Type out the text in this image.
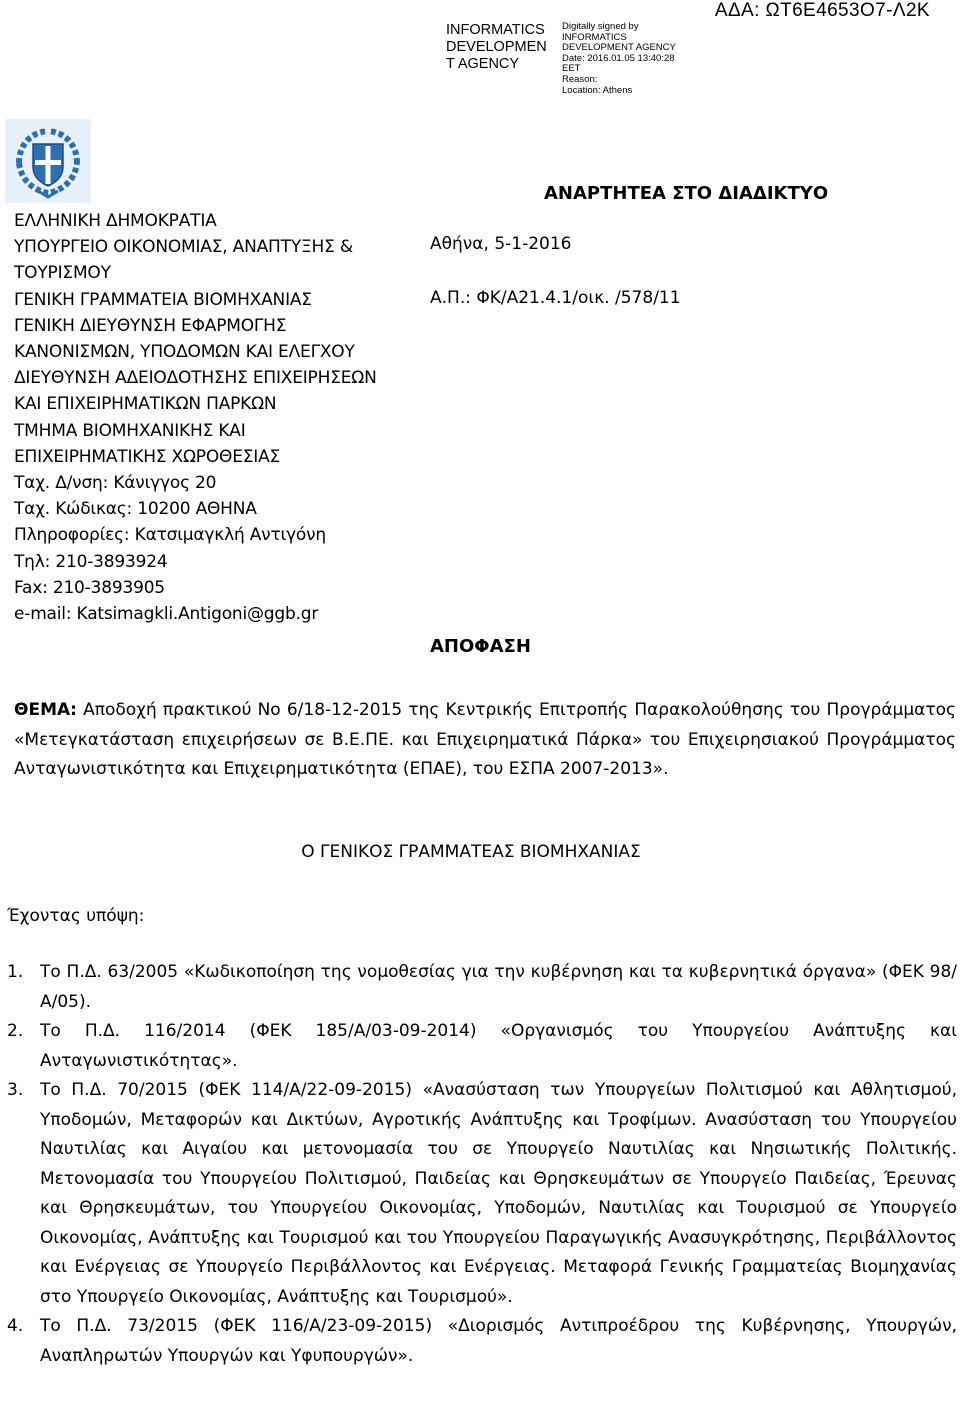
INFORMATICS
DEVELOPMEN
T AGENCY
Digitally signed by
INFORMATICS
DEVELOPMENT AGENCY
Date: 2016.01.05 13:40:28
EET
Reason:
Location: Athens
ΑΔΑ: ΩΤ6Ε4653Ο7-Λ2Κ
ΕΛΛΗΝΙΚΗ ΔΗΜΟΚΡΑΤΙΑ
ΥΠΟΥΡΓΕΙΟ ΟΙΚΟΝΟΜΙΑΣ, ΑΝΑΠΤΥΞΗΣ &
ΤΟΥΡΙΣΜΟΥ
ΓΕΝΙΚΗ ΓΡΑΜΜΑΤΕΙΑ ΒΙΟΜΗΧΑΝΙΑΣ
ΓΕΝΙΚΗ ΔΙΕΥΘΥΝΣΗ ΕΦΑΡΜΟΓΗΣ
ΚΑΝΟΝΙΣΜΩΝ, ΥΠΟΔΟΜΩΝ ΚΑΙ ΕΛΕΓΧΟΥ
ΔΙΕΥΘΥΝΣΗ ΑΔΕΙΟΔΟΤΗΣΗΣ ΕΠΙΧΕΙΡΗΣΕΩΝ
ΚΑΙ ΕΠΙΧΕΙΡΗΜΑΤΙΚΩΝ ΠΑΡΚΩΝ
ΤΜΗΜΑ ΒΙΟΜΗΧΑΝΙΚΗΣ ΚΑΙ
ΕΠΙΧΕΙΡΗΜΑΤΙΚΗΣ ΧΩΡΟΘΕΣΙΑΣ
Ταχ. Δ/νση: Κάνιγγος 20
Ταχ. Κώδικας: 10200 ΑΘΗΝΑ
Πληροφορίες: Κατσιμαγκλή Αντιγόνη
Τηλ: 210-3893924
Fax: 210-3893905
e-mail: Katsimagkli.Antigoni@ggb.gr
ΑΝΑΡΤΗΤΕΑ ΣΤΟ ΔΙΑΔΙΚΤΥΟ
Αθήνα, 5-1-2016
Α.Π.: ΦΚ/Α21.4.1/οικ. /578/11
ΑΠΟΦΑΣΗ
ΘΕΜΑ: Αποδοχή πρακτικού Νο 6/18-12-2015 της Κεντρικής Επιτροπής Παρακολούθησης του Προγράμματος «Μετεγκατάσταση επιχειρήσεων σε Β.Ε.ΠΕ. και Επιχειρηματικά Πάρκα» του Επιχειρησιακού Προγράμματος Ανταγωνιστικότητα και Επιχειρηματικότητα (ΕΠΑΕ), του ΕΣΠΑ 2007-2013».
Ο ΓΕΝΙΚΟΣ ΓΡΑΜΜΑΤΕΑΣ ΒΙΟΜΗΧΑΝΙΑΣ
Έχοντας υπόψη:
1. Το Π.Δ. 63/2005 «Κωδικοποίηση της νομοθεσίας για την κυβέρνηση και τα κυβερνητικά όργανα» (ΦΕΚ 98/Α/05).
2. Το Π.Δ. 116/2014 (ΦΕΚ 185/Α/03-09-2014) «Οργανισμός του Υπουργείου Ανάπτυξης και Ανταγωνιστικότητας».
3. Το Π.Δ. 70/2015 (ΦΕΚ 114/Α/22-09-2015) «Ανασύσταση των Υπουργείων Πολιτισμού και Αθλητισμού, Υποδομών, Μεταφορών και Δικτύων, Αγροτικής Ανάπτυξης και Τροφίμων. Ανασύσταση του Υπουργείου Ναυτιλίας και Αιγαίου και μετονομασία του σε Υπουργείο Ναυτιλίας και Νησιωτικής Πολιτικής. Μετονομασία του Υπουργείου Πολιτισμού, Παιδείας και Θρησκευμάτων σε Υπουργείο Παιδείας, Έρευνας και Θρησκευμάτων, του Υπουργείου Οικονομίας, Υποδομών, Ναυτιλίας και Τουρισμού σε Υπουργείο Οικονομίας, Ανάπτυξης και Τουρισμού και του Υπουργείου Παραγωγικής Ανασυγκρότησης, Περιβάλλοντος και Ενέργειας σε Υπουργείο Περιβάλλοντος και Ενέργειας. Μεταφορά Γενικής Γραμματείας Βιομηχανίας στο Υπουργείο Οικονομίας, Ανάπτυξης και Τουρισμού».
4. Το Π.Δ. 73/2015 (ΦΕΚ 116/Α/23-09-2015) «Διορισμός Αντιπροέδρου της Κυβέρνησης, Υπουργών, Αναπληρωτών Υπουργών και Υφυπουργών».
